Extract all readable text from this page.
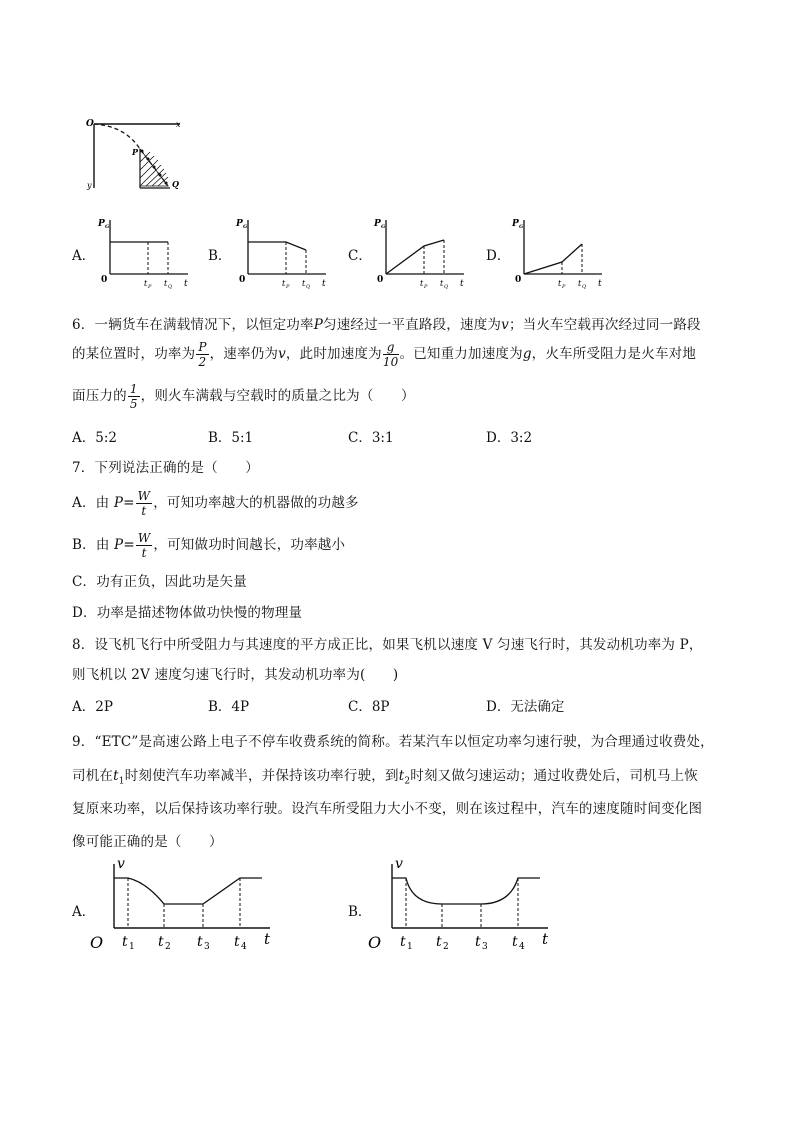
O	x
y
P
Q
A．	B．	C．	D．
P G
0	t
t P t Q
P G
0	t
t P t Q
P G
0	t
t P t Q
P G
0	t
t P t Q
6．一辆货车在满载情况下，以恒定功率P匀速经过一平直路段，速度为v；当火车空载再次经过同一路段
的某位置时，功率为 $\frac{P}{2}$ ，速率仍为v，此时加速度为 $\frac{g}{10}$ 。已知重力加速度为g，火车所受阻力是火车对地
面压力的 $\frac{1}{5}$ ，则火车满载与空载时的质量之比为（　　）
A．5:2	B．5:1	C．3:1	D．3:2
7．下列说法正确的是（　　）
A．由 $P= \frac{W}{t}$ ，可知功率越大的机器做的功越多
B．由 $P= \frac{W}{t}$ ，可知做功时间越长，功率越小
C．功有正负，因此功是矢量
D．功率是描述物体做功快慢的物理量
8．设飞机飞行中所受阻力与其速度的平方成正比，如果飞机以速度 V 匀速飞行时，其发动机功率为 P，
则飞机以 2V 速度匀速飞行时，其发动机功率为(　　)
A．2P	B．4P	C．8P	D．无法确定
9．“ETC”是高速公路上电子不停车收费系统的简称。若某汽车以恒定功率匀速行驶，为合理通过收费处，
司机在$t_1$时刻使汽车功率减半，并保持该功率行驶，到$t_2$时刻又做匀速运动；通过收费处后，司机马上恢
复原来功率，以后保持该功率行驶。设汽车所受阻力大小不变，则在该过程中，汽车的速度随时间变化图
像可能正确的是（　　）
A．	B．
v
O	t
t 1 t 2 t 3 t 4
v
O	t
t 1 t 2 t 3 t 4
